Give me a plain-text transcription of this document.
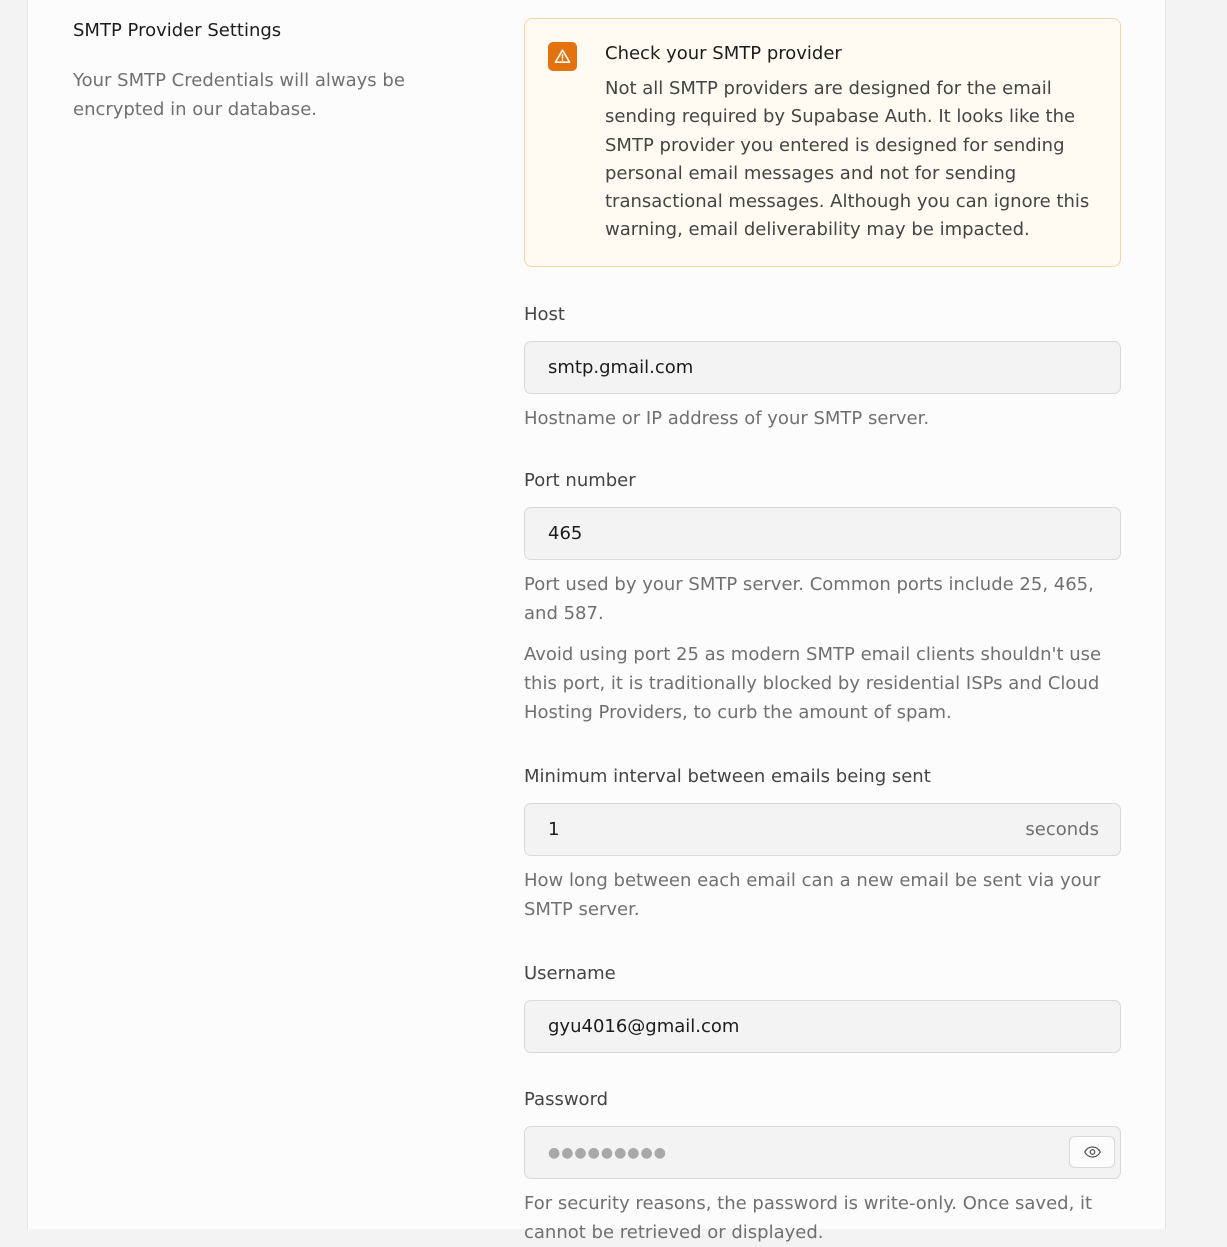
SMTP Provider Settings

Your SMTP Credentials will always be encrypted in our database.

Check your SMTP provider
Not all SMTP providers are designed for the email sending required by Supabase Auth. It looks like the SMTP provider you entered is designed for sending personal email messages and not for sending transactional messages. Although you can ignore this warning, email deliverability may be impacted.
Host
smtp.gmail.com
Hostname or IP address of your SMTP server.
Port number
465
Port used by your SMTP server. Common ports include 25, 465, and 587.
Avoid using port 25 as modern SMTP email clients shouldn't use this port, it is traditionally blocked by residential ISPs and Cloud Hosting Providers, to curb the amount of spam.
Minimum interval between emails being sent
1	seconds
How long between each email can a new email be sent via your SMTP server.
Username
gyu4016@gmail.com
Password
●●●●●●●●●
For security reasons, the password is write-only. Once saved, it cannot be retrieved or displayed.
